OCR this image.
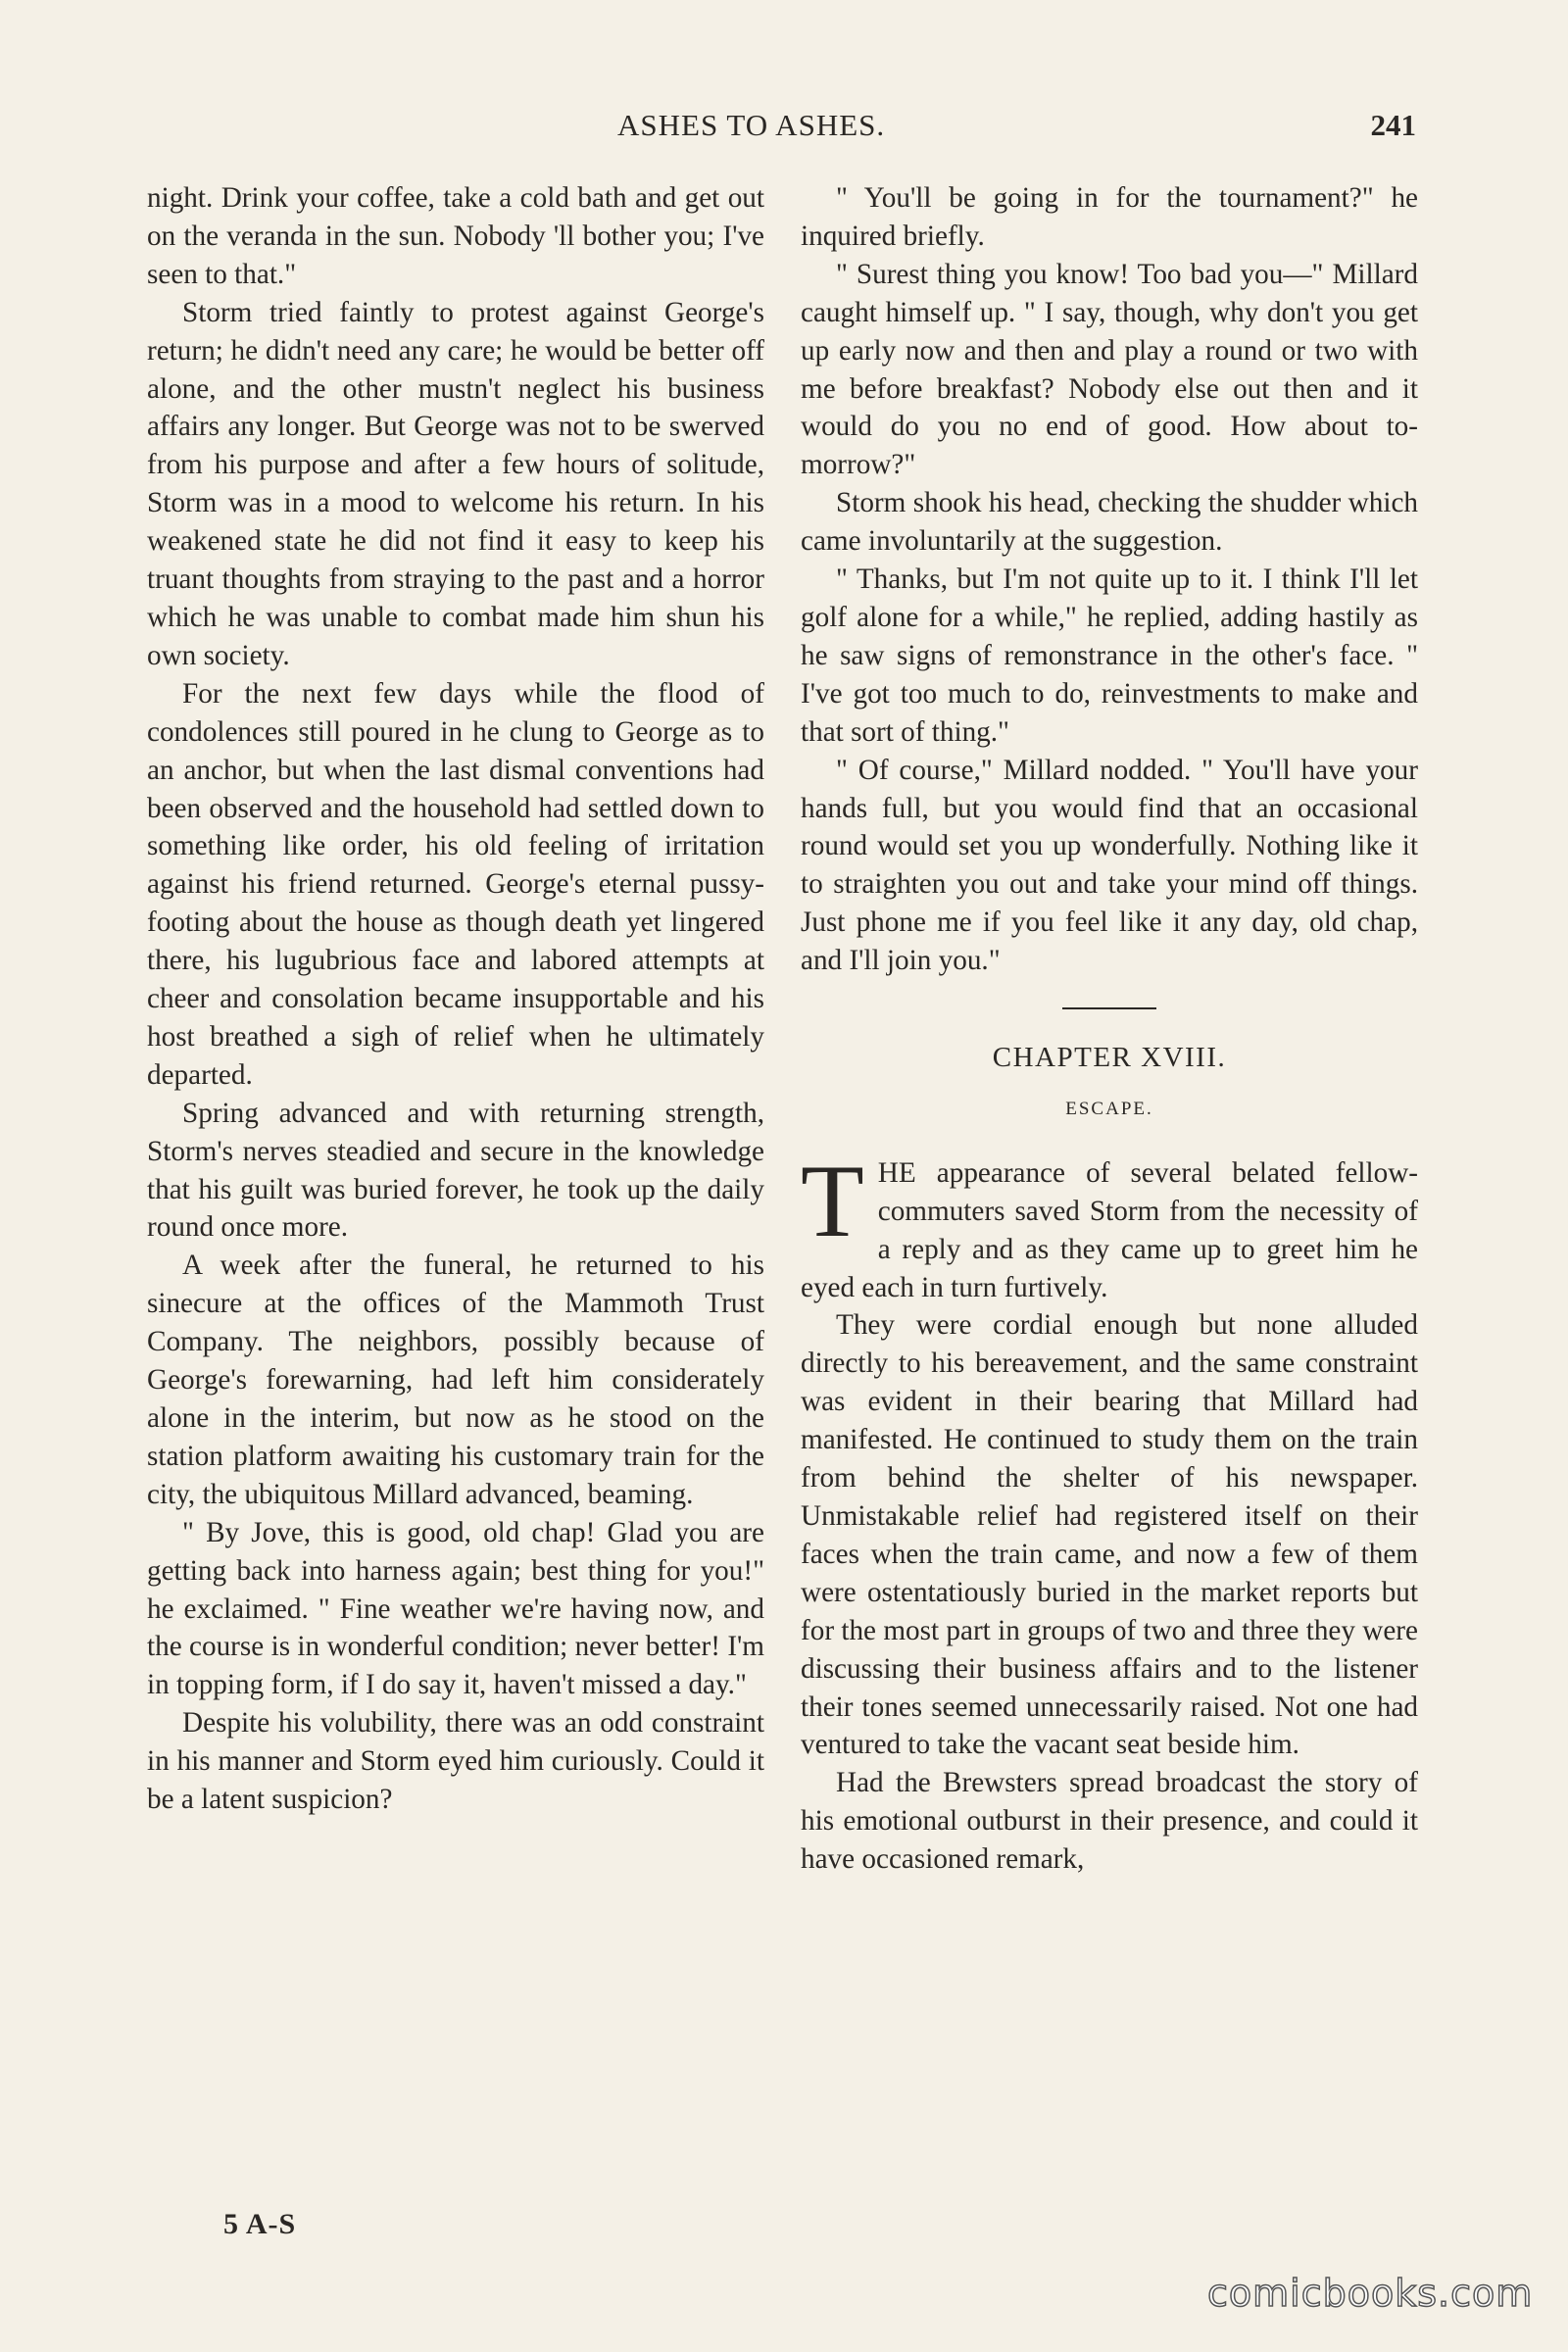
ASHES TO ASHES.	241

night. Drink your coffee, take a cold bath and get out on the veranda in the sun. Nobody 'll bother you; I've seen to that."

Storm tried faintly to protest against George's return; he didn't need any care; he would be better off alone, and the other mustn't neglect his business affairs any longer. But George was not to be swerved from his purpose and after a few hours of solitude, Storm was in a mood to welcome his return. In his weakened state he did not find it easy to keep his truant thoughts from straying to the past and a horror which he was unable to combat made him shun his own society.

For the next few days while the flood of condolences still poured in he clung to George as to an anchor, but when the last dismal conventions had been observed and the household had settled down to something like order, his old feeling of irritation against his friend returned. George's eternal pussy-footing about the house as though death yet lingered there, his lugubrious face and labored attempts at cheer and consolation became insupportable and his host breathed a sigh of relief when he ultimately departed.

Spring advanced and with returning strength, Storm's nerves steadied and secure in the knowledge that his guilt was buried forever, he took up the daily round once more.

A week after the funeral, he returned to his sinecure at the offices of the Mammoth Trust Company. The neighbors, possibly because of George's forewarning, had left him considerately alone in the interim, but now as he stood on the station platform awaiting his customary train for the city, the ubiquitous Millard advanced, beaming.

" By Jove, this is good, old chap! Glad you are getting back into harness again; best thing for you!" he exclaimed. " Fine weather we're having now, and the course is in wonderful condition; never better! I'm in topping form, if I do say it, haven't missed a day."

Despite his volubility, there was an odd constraint in his manner and Storm eyed him curiously. Could it be a latent suspicion?

" You'll be going in for the tournament?" he inquired briefly.

" Surest thing you know! Too bad you—" Millard caught himself up. " I say, though, why don't you get up early now and then and play a round or two with me before breakfast? Nobody else out then and it would do you no end of good. How about to-morrow?"

Storm shook his head, checking the shudder which came involuntarily at the suggestion.

" Thanks, but I'm not quite up to it. I think I'll let golf alone for a while," he replied, adding hastily as he saw signs of remonstrance in the other's face. " I've got too much to do, reinvestments to make and that sort of thing."

" Of course," Millard nodded. " You'll have your hands full, but you would find that an occasional round would set you up wonderfully. Nothing like it to straighten you out and take your mind off things. Just phone me if you feel like it any day, old chap, and I'll join you."

CHAPTER XVIII.
ESCAPE.

THE appearance of several belated fellow-commuters saved Storm from the necessity of a reply and as they came up to greet him he eyed each in turn furtively.

They were cordial enough but none alluded directly to his bereavement, and the same constraint was evident in their bearing that Millard had manifested. He continued to study them on the train from behind the shelter of his newspaper. Unmistakable relief had registered itself on their faces when the train came, and now a few of them were ostentatiously buried in the market reports but for the most part in groups of two and three they were discussing their business affairs and to the listener their tones seemed unnecessarily raised. Not one had ventured to take the vacant seat beside him.

Had the Brewsters spread broadcast the story of his emotional outburst in their presence, and could it have occasioned remark,

5 A-S
comicbooks.com
